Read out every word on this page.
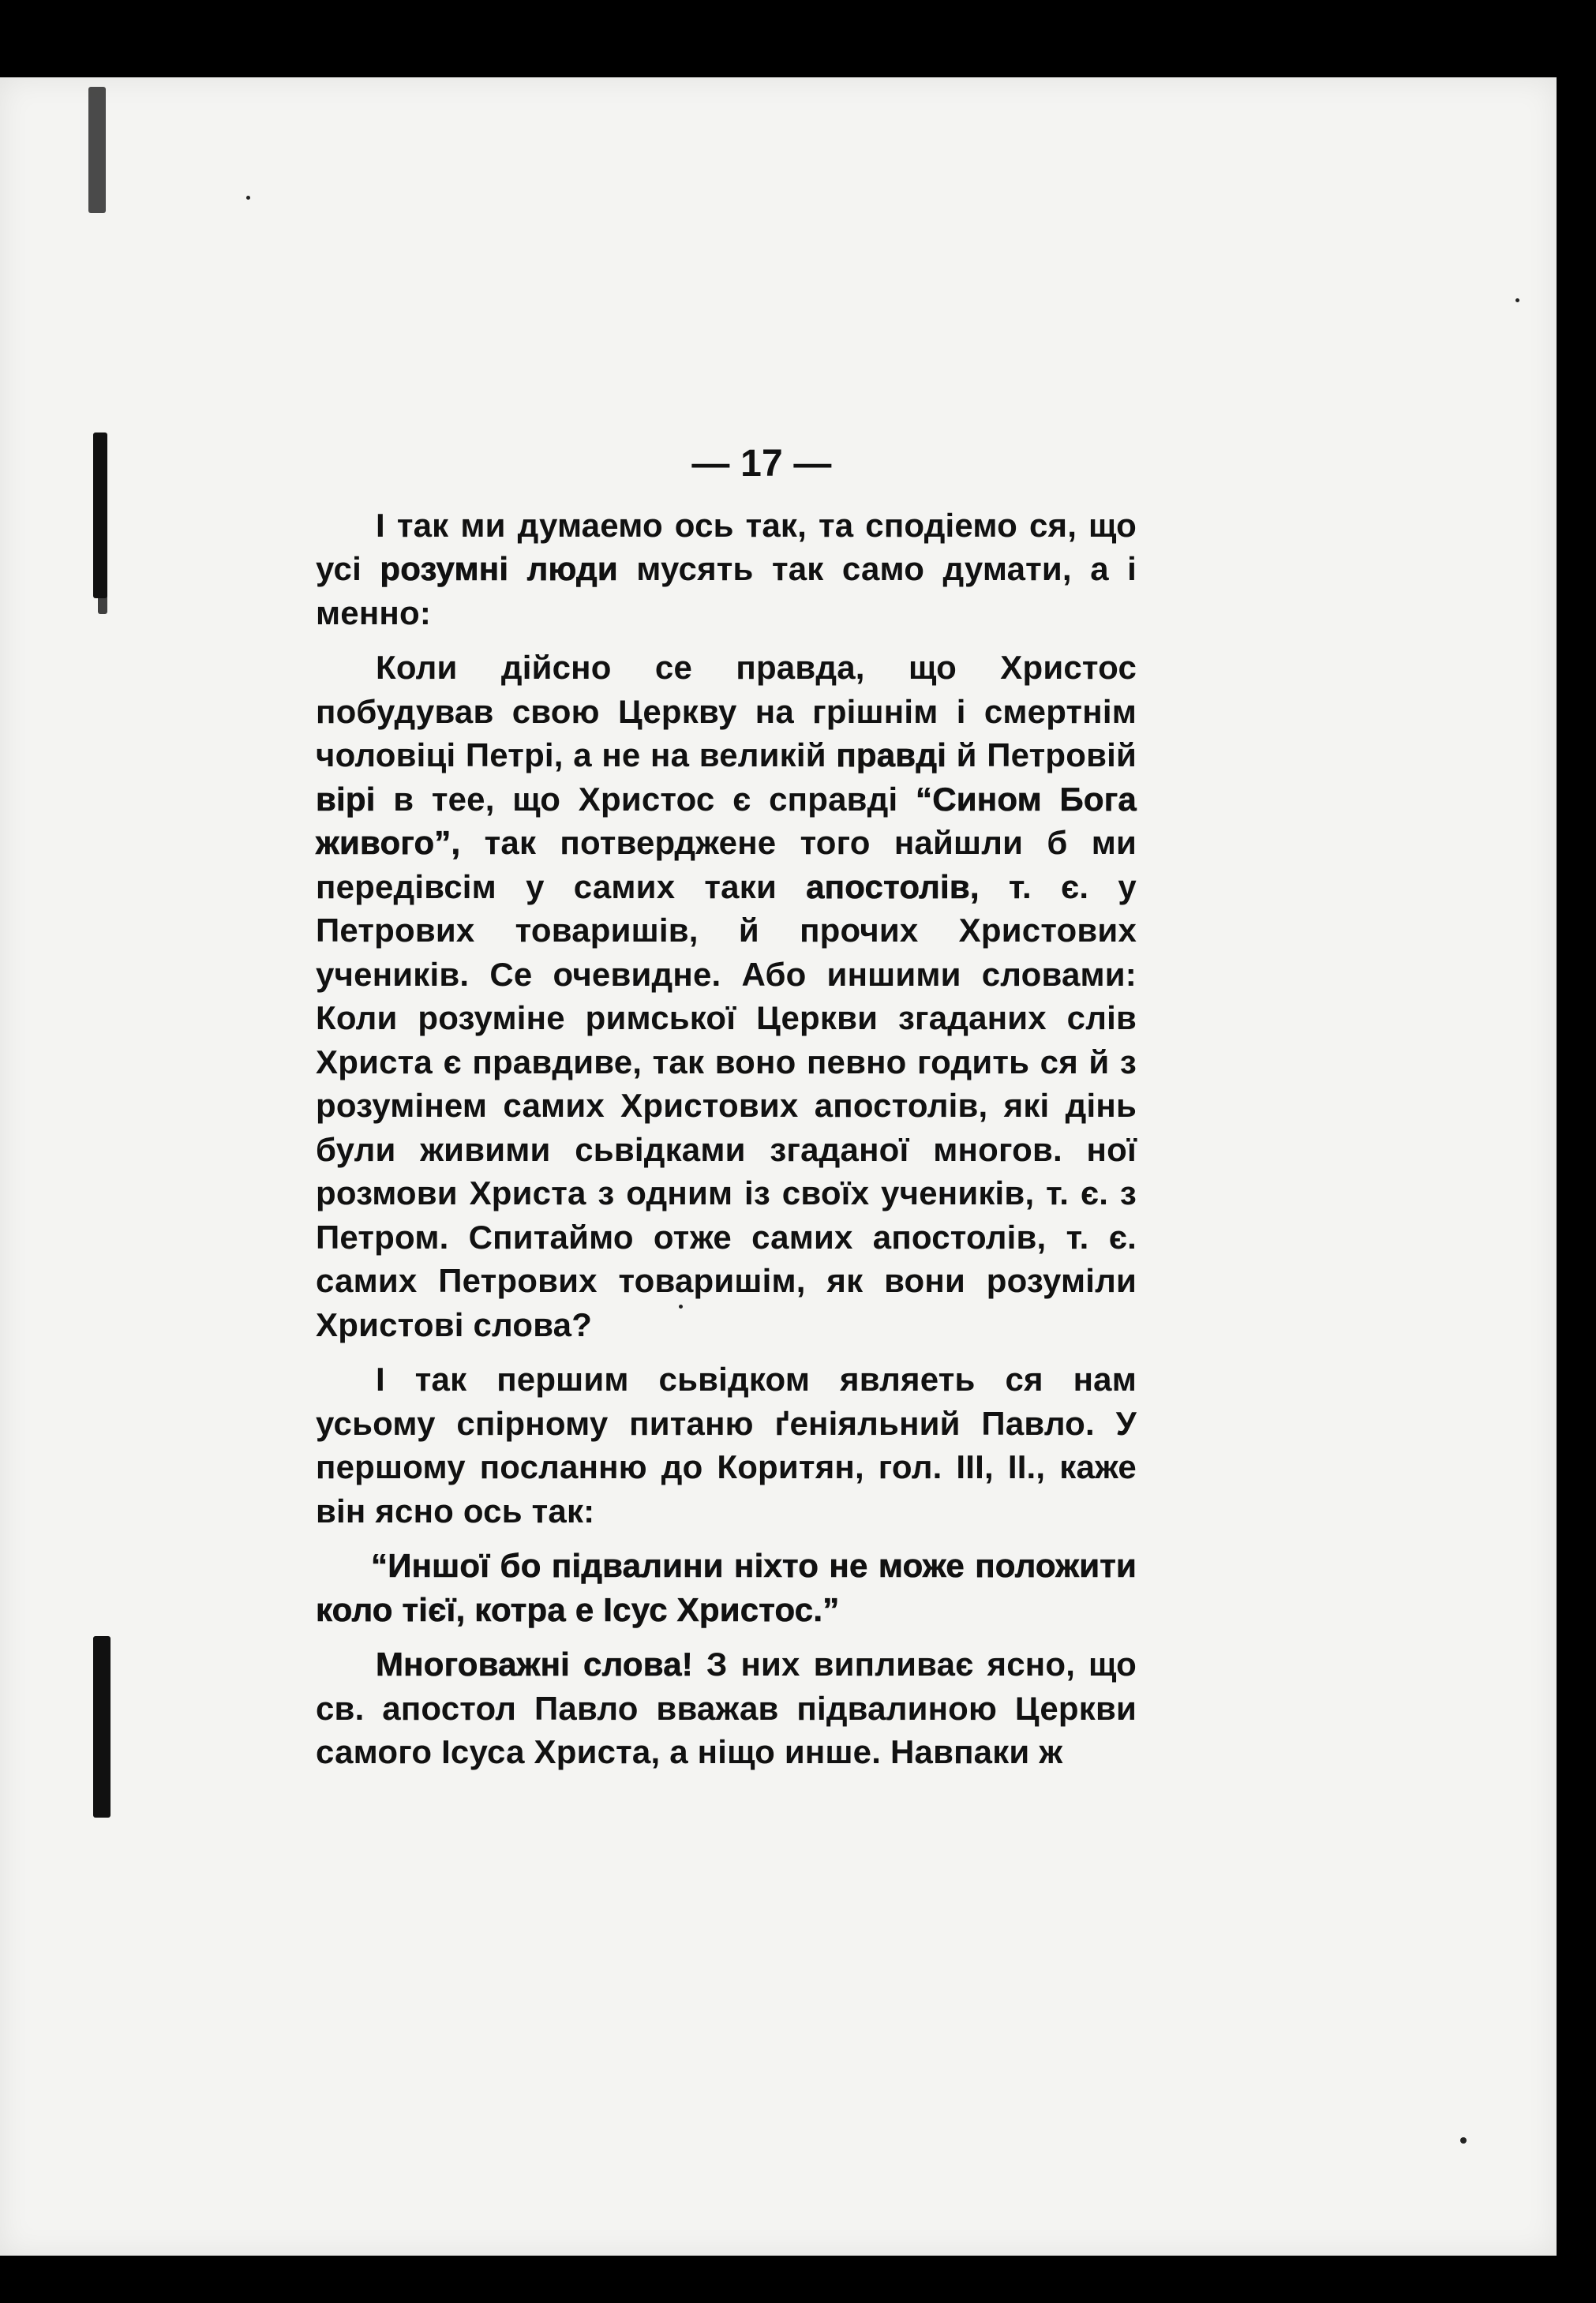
— 17 —

І так ми думаемо ось так, та сподіемо ся, що усі розумні люди мусять так само думати, а і менно:

Коли дійсно се правда, що Христос побудував свою Церкву на грішнім і смертнім чоловіці Петрі, а не на великій правді й Петровій вірі в тее, що Христос є справді “Сином Бога живого”, так потверджене того найшли б ми передівсім у самих таки апостолів, т. є. у Петрових товаришів, й прочих Христових учеників. Се очевидне. Або иншими словами: Коли розуміне римської Церкви згаданих слів Христа є правдиве, так воно певно годить ся й з розумінем самих Христових апостолів, які дінь були живими сьвідками згаданої многов. ної розмови Христа з одним із своїх учеників, т. є. з Петром. Спитаймо отже самих апостолів, т. є. самих Петрових товаришім, як вони розуміли Христові слова?

І так першим сьвідком являеть ся нам усьому спірному питаню ґеніяльний Павло. У першому посланню до Коритян, гол. ІІІ, ІІ., каже він ясно ось так:

“Иншої бо підвалини ніхто не може положити коло тієї, котра е Ісус Христос.”

Многоважні слова! З них випливає ясно, що св. апостол Павло вважав підвалиною Церкви самого Ісуса Христа, а ніщо инше. Навпаки ж
